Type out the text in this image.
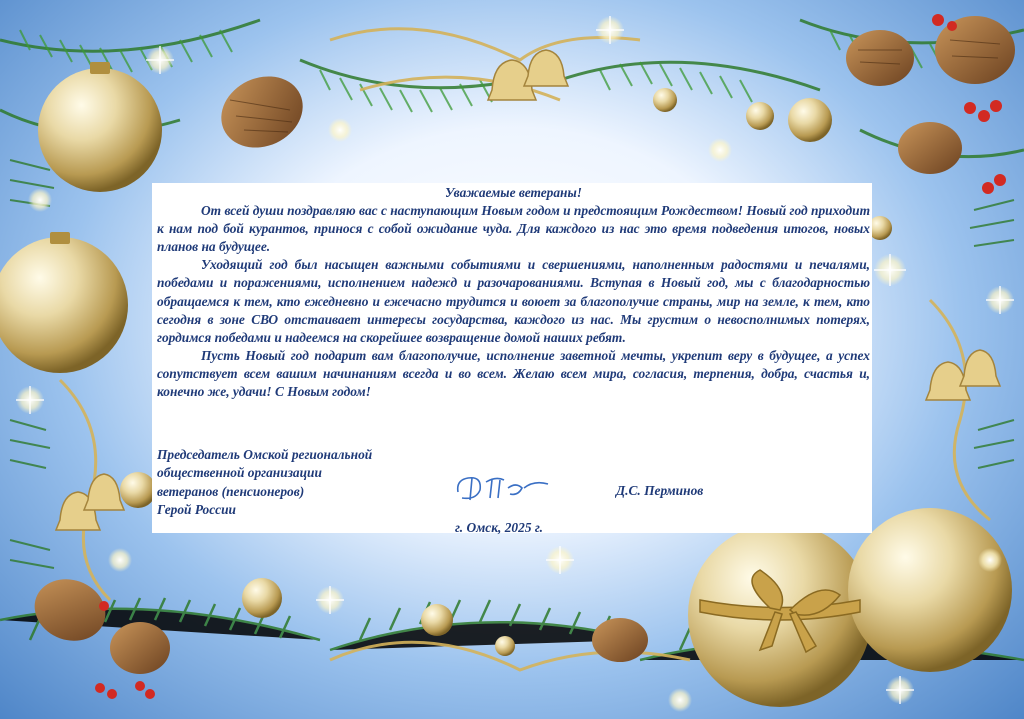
Уважаемые ветераны!

От всей души поздравляю вас с наступающим Новым годом и предстоящим Рождеством! Новый год приходит к нам под бой курантов, принося с собой ожидание чуда. Для каждого из нас это время подведения итогов, новых планов на будущее.

Уходящий год был насыщен важными событиями и свершениями, наполненным радостями и печалями, победами и поражениями, исполнением надежд и разочарованиями. Вступая в Новый год, мы с благодарностью обращаемся к тем, кто ежедневно и ежечасно трудится и воюет за благополучие страны, мир на земле, к тем, кто сегодня в зоне СВО отстаивает интересы государства, каждого из нас. Мы грустим о невосполнимых потерях, гордимся победами и надеемся на скорейшее возвращение домой наших ребят.

Пусть Новый год подарит вам благополучие, исполнение заветной мечты, укрепит веру в будущее, а успех сопутствует всем вашим начинаниям всегда и во всем. Желаю всем мира, согласия, терпения, добра, счастья и, конечно же, удачи! С Новым годом!

Председатель Омской региональной
общественной организации
ветеранов (пенсионеров)
Герой России
Д.С. Перминов
г. Омск, 2025 г.
